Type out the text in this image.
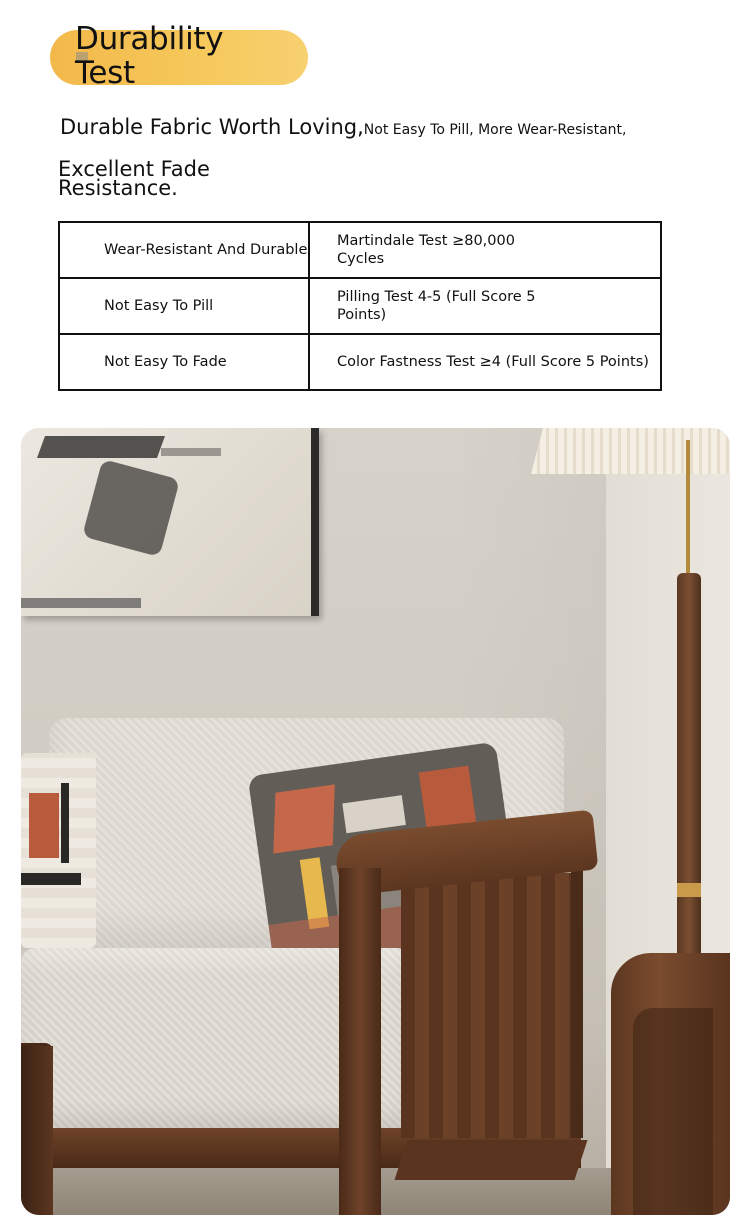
Durability
Test
Durable Fabric Worth Loving,Not Easy To Pill, More Wear-Resistant,
Excellent Fade
Resistance.
Wear-Resistant And Durable	Martindale Test ≥80,000 Cycles

Not Easy To Pill	Pilling Test 4-5 (Full Score 5 Points)

Not Easy To Fade	Color Fastness Test ≥4 (Full Score 5 Points)
